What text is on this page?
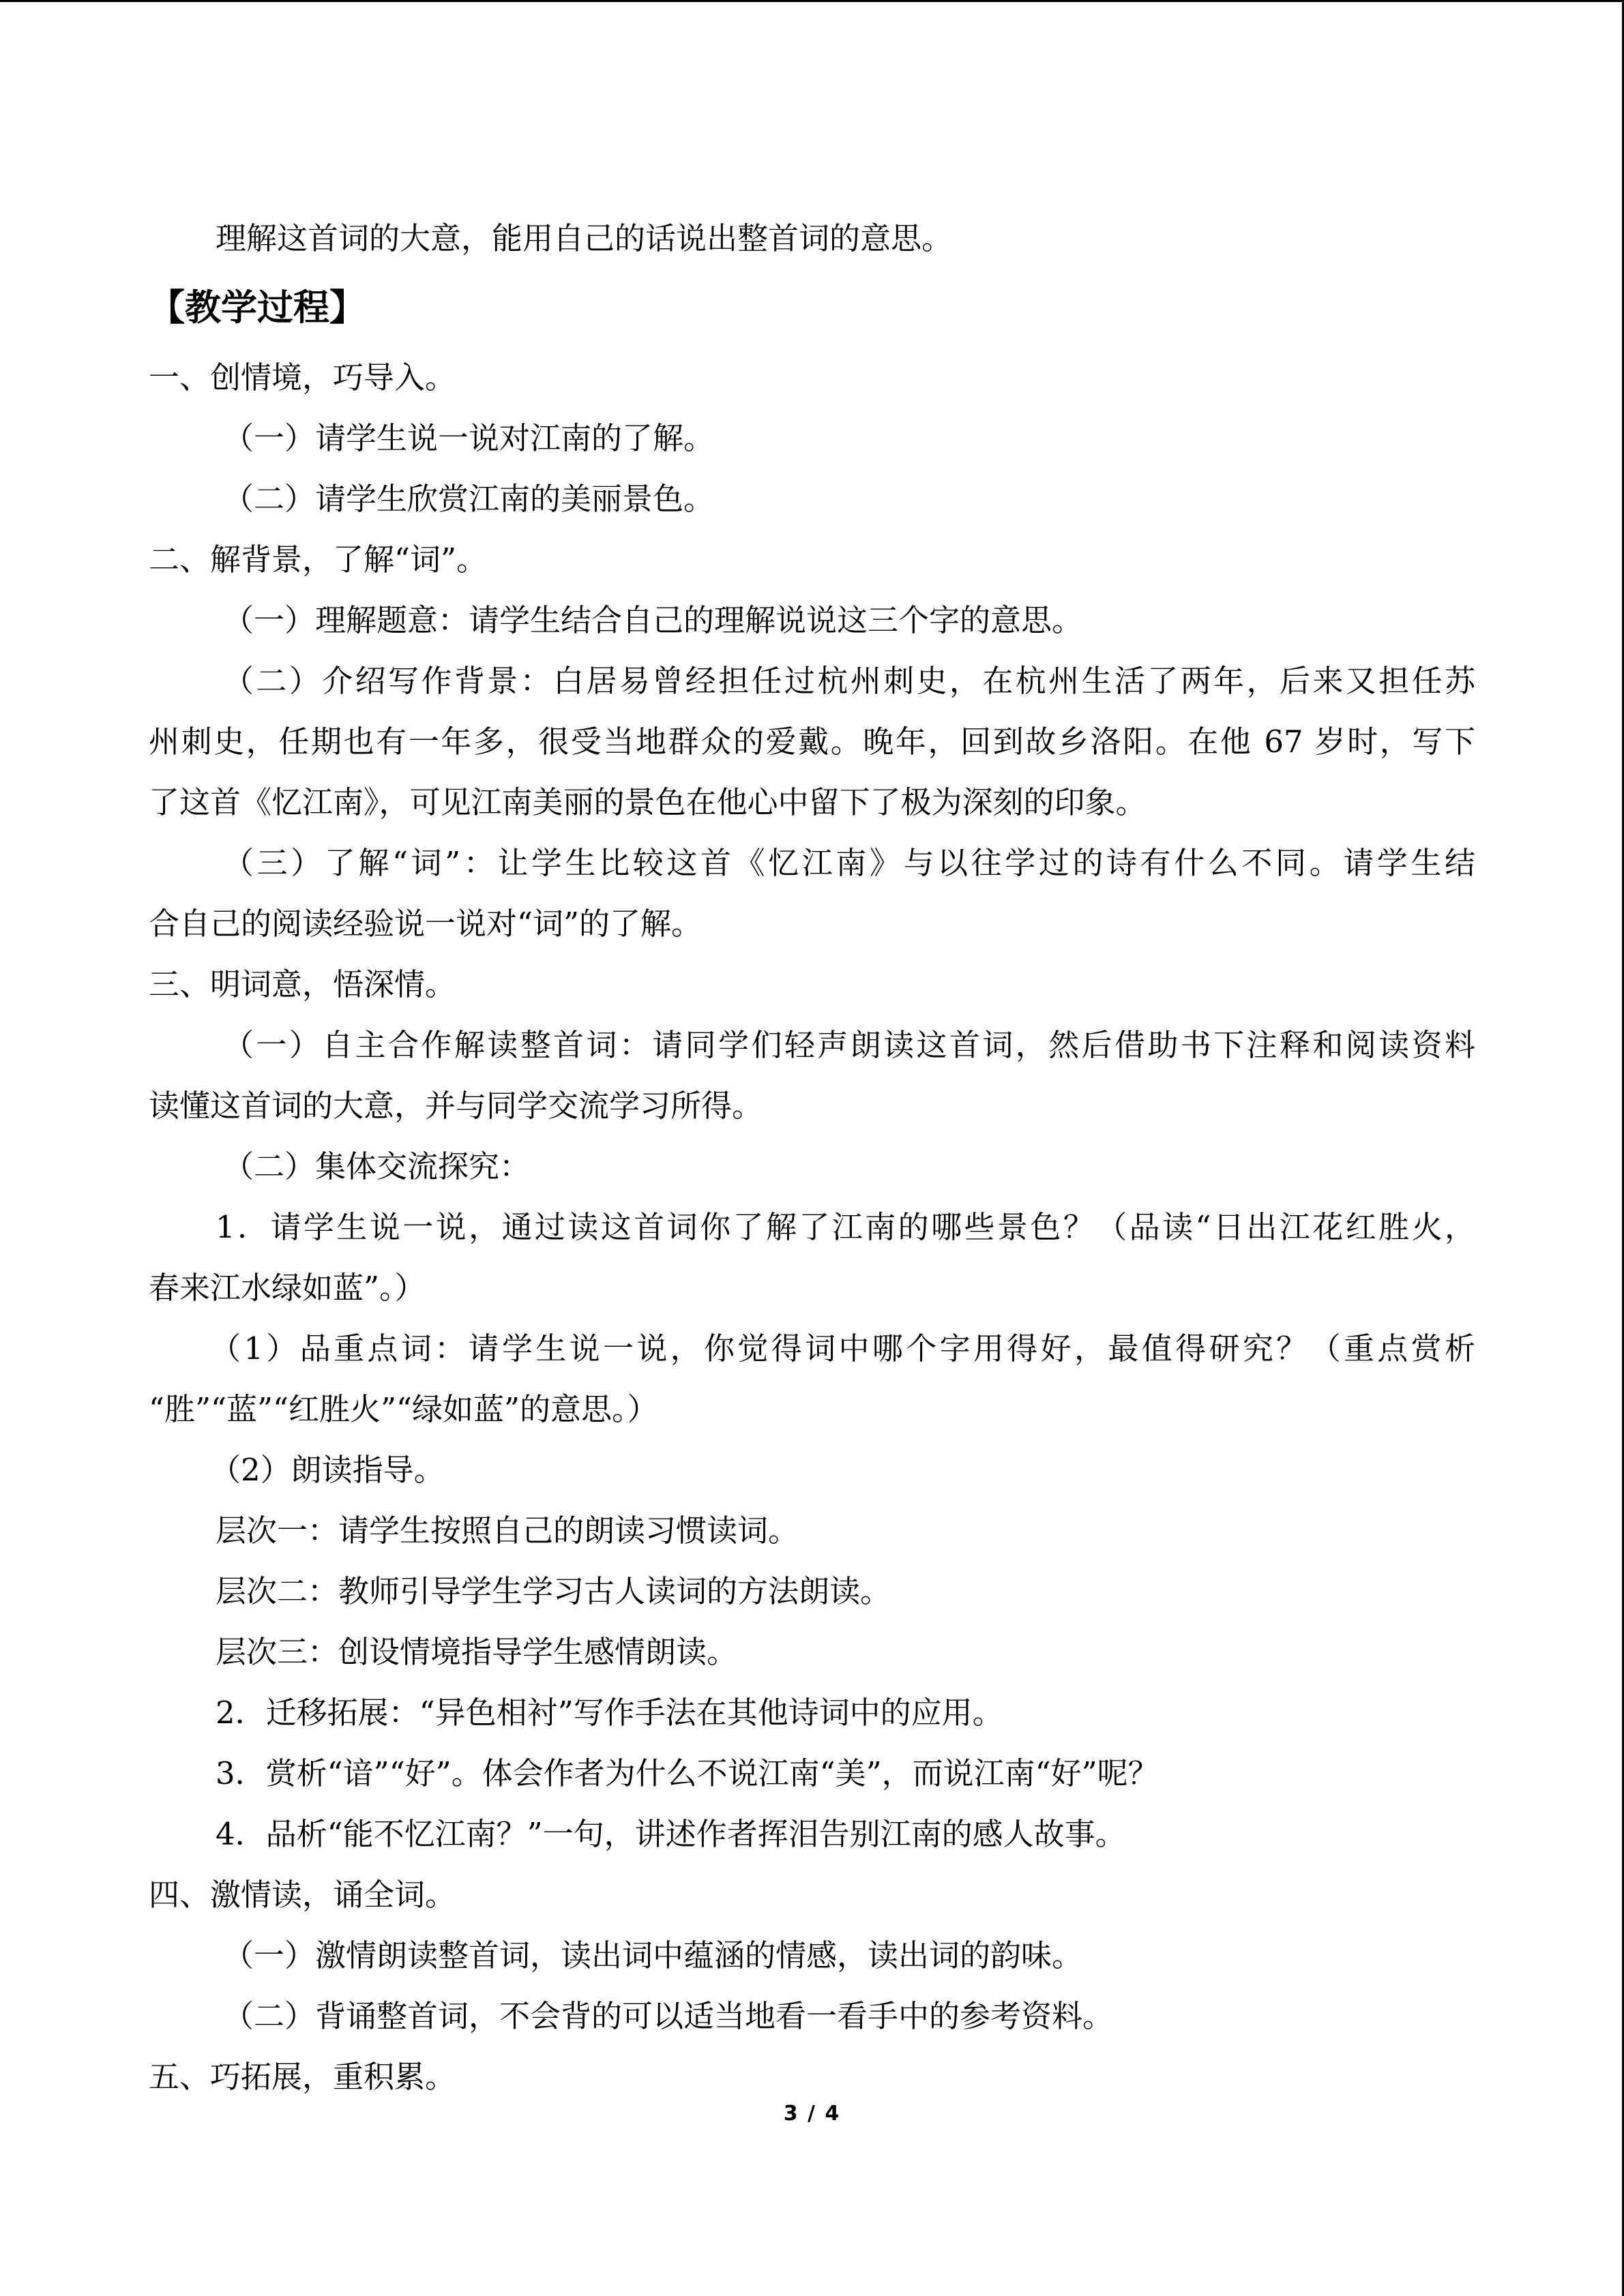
理解这首词的大意，能用自己的话说出整首词的意思。
【教学过程】
一、创情境，巧导入。
（一）请学生说一说对江南的了解。
（二）请学生欣赏江南的美丽景色。
二、解背景，了解“词”。
（一）理解题意：请学生结合自己的理解说说这三个字的意思。
（二）介绍写作背景：白居易曾经担任过杭州刺史，在杭州生活了两年，后来又担任苏
州刺史，任期也有一年多，很受当地群众的爱戴。晚年，回到故乡洛阳。在他 67 岁时，写下
了这首《忆江南》，可见江南美丽的景色在他心中留下了极为深刻的印象。
（三）了解“词”：让学生比较这首《忆江南》与以往学过的诗有什么不同。请学生结
合自己的阅读经验说一说对“词”的了解。
三、明词意，悟深情。
（一）自主合作解读整首词：请同学们轻声朗读这首词，然后借助书下注释和阅读资料
读懂这首词的大意，并与同学交流学习所得。
（二）集体交流探究：
1．请学生说一说，通过读这首词你了解了江南的哪些景色？（品读“日出江花红胜火，
春来江水绿如蓝”。）
（1）品重点词：请学生说一说，你觉得词中哪个字用得好，最值得研究？（重点赏析
“胜”“蓝”“红胜火”“绿如蓝”的意思。）
（2）朗读指导。
层次一：请学生按照自己的朗读习惯读词。
层次二：教师引导学生学习古人读词的方法朗读。
层次三：创设情境指导学生感情朗读。
2．迁移拓展：“异色相衬”写作手法在其他诗词中的应用。
3．赏析“谙”“好”。体会作者为什么不说江南“美”，而说江南“好”呢？
4．品析“能不忆江南？”一句，讲述作者挥泪告别江南的感人故事。
四、激情读，诵全词。
（一）激情朗读整首词，读出词中蕴涵的情感，读出词的韵味。
（二）背诵整首词，不会背的可以适当地看一看手中的参考资料。
五、巧拓展，重积累。
3 / 4
